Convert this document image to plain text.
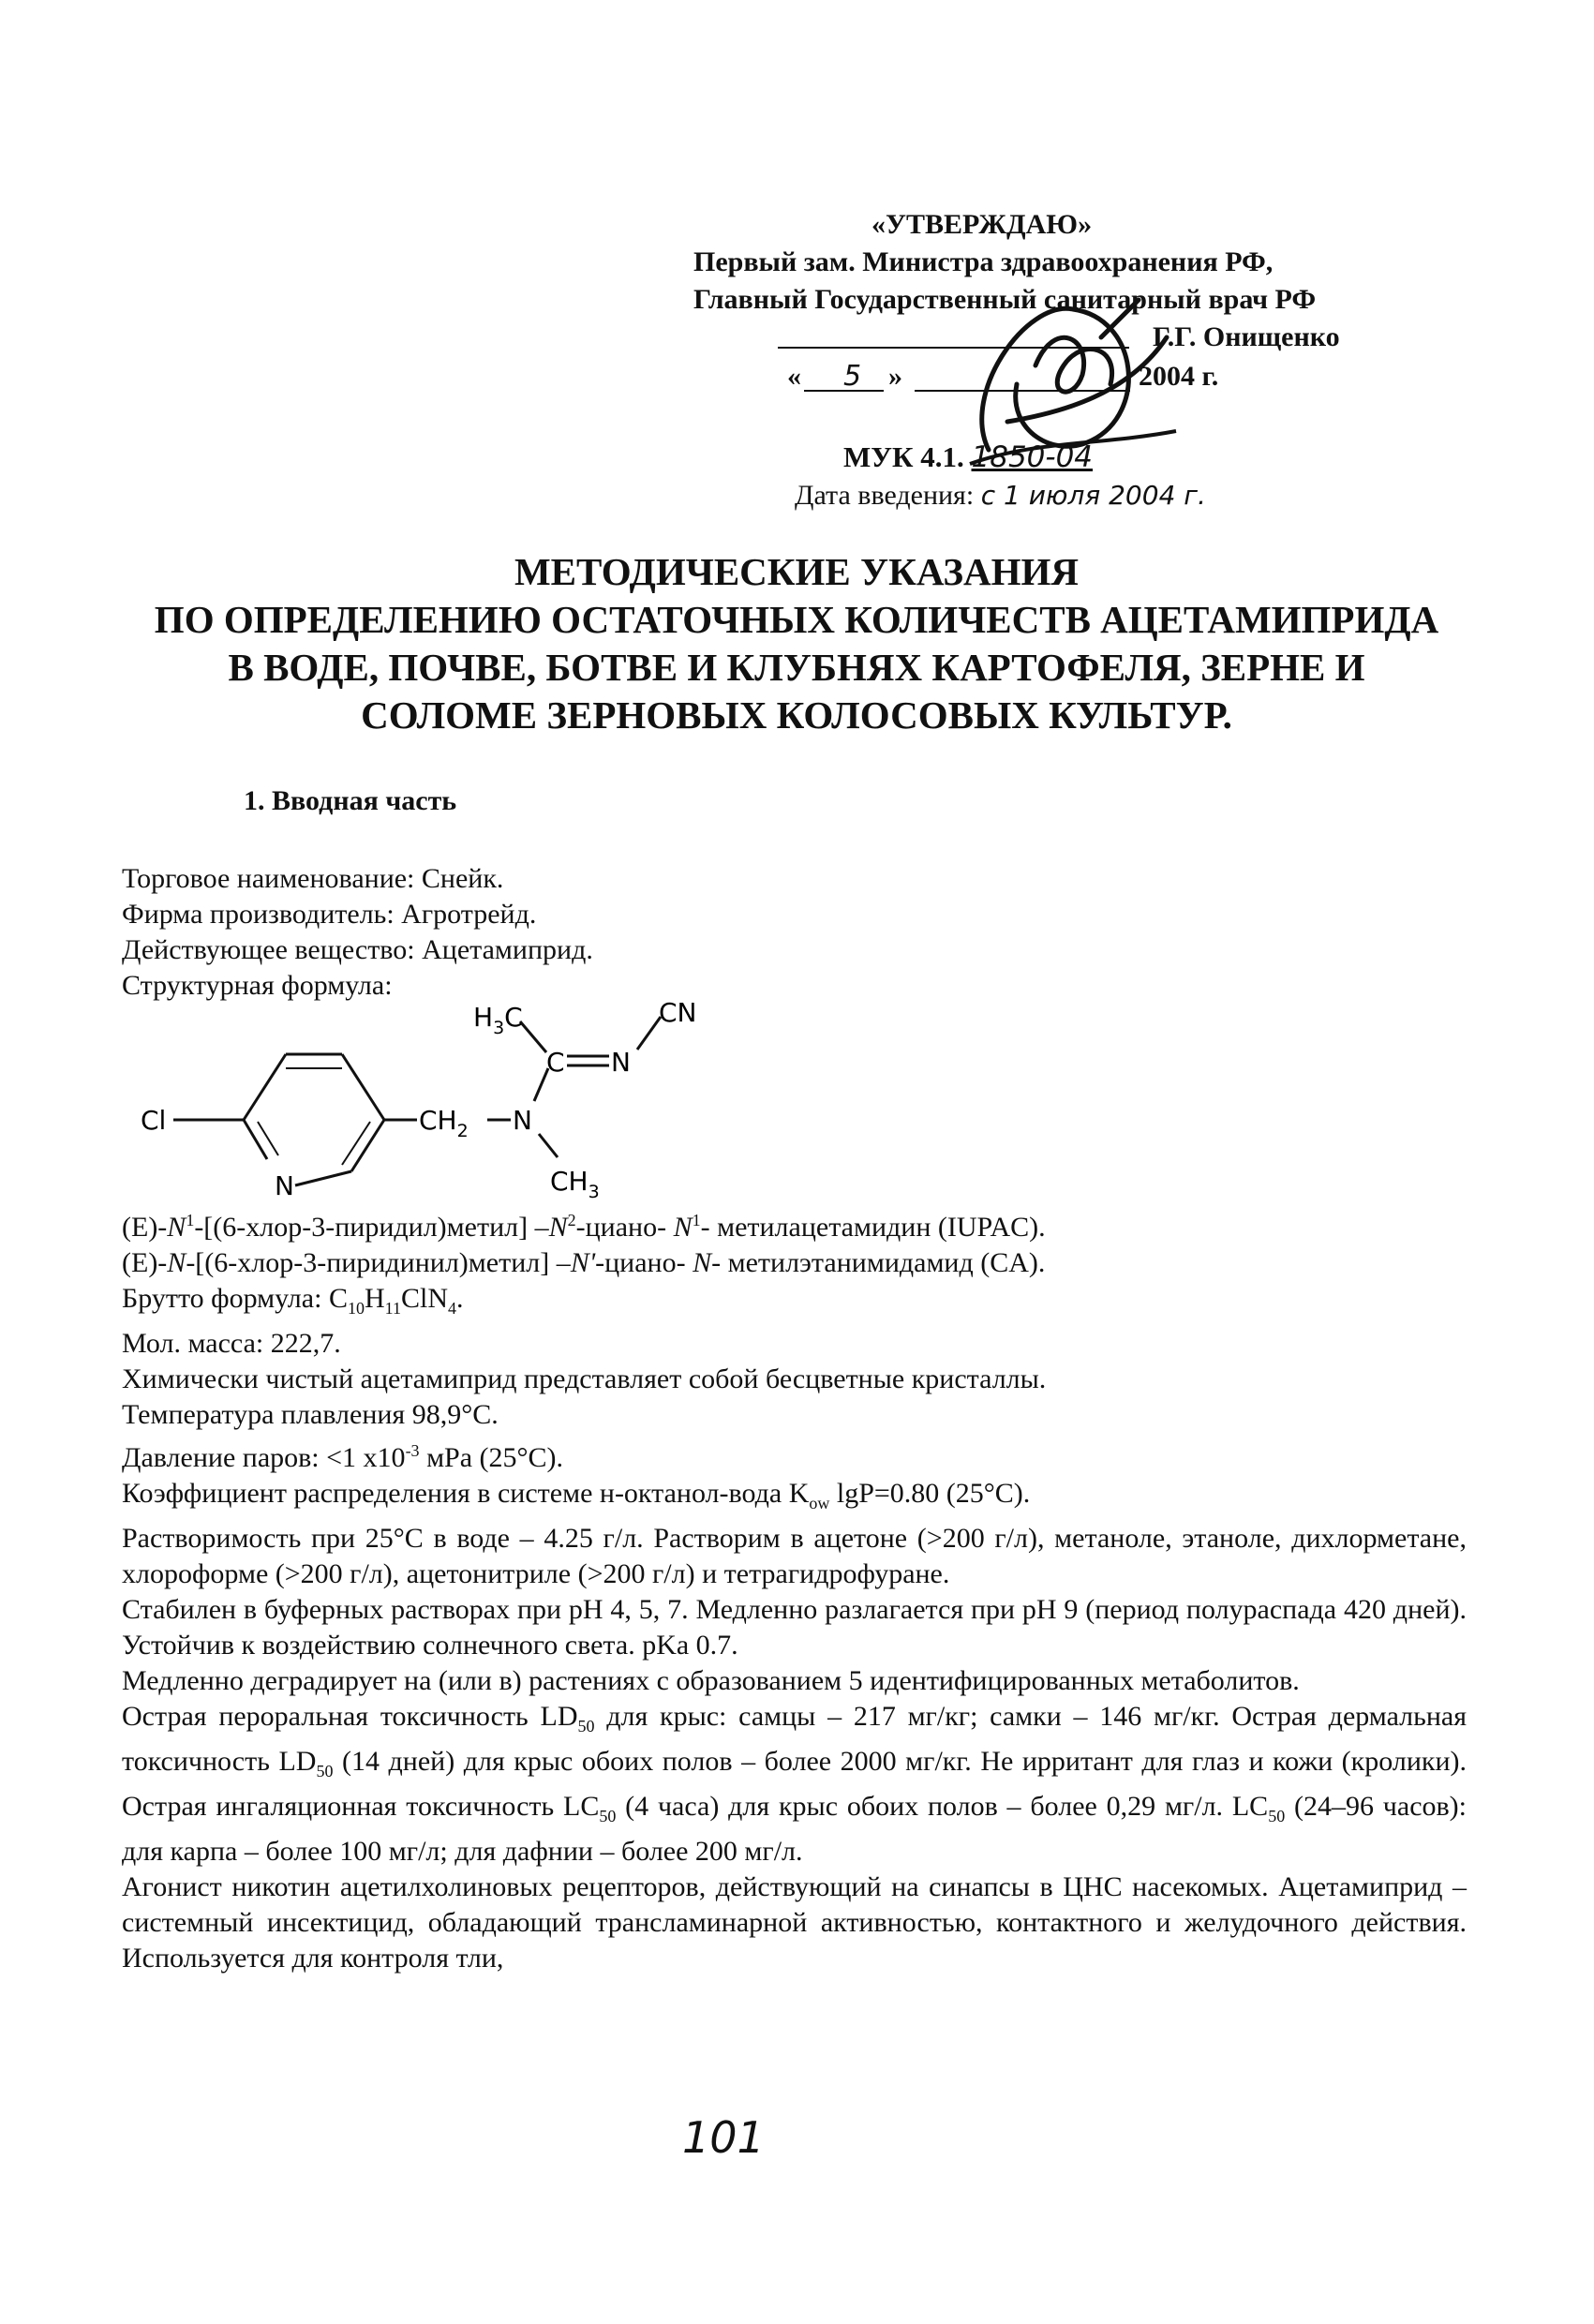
«УТВЕРЖДАЮ»
Первый зам. Министра здравоохранения РФ,
Главный Государственный санитарный врач РФ
Г.Г. Онищенко
« 5 »	2004 г.
МУК 4.1. 1850-04
Дата введения: с 1 июля 2004 г.
МЕТОДИЧЕСКИЕ УКАЗАНИЯ
ПО ОПРЕДЕЛЕНИЮ ОСТАТОЧНЫХ КОЛИЧЕСТВ АЦЕТАМИПРИДА
В ВОДЕ, ПОЧВЕ, БОТВЕ И КЛУБНЯХ КАРТОФЕЛЯ, ЗЕРНЕ И
СОЛОМЕ ЗЕРНОВЫХ КОЛОСОВЫХ КУЛЬТУР.
1. Вводная часть

Торговое наименование: Снейк.

Фирма производитель: Агротрейд.

Действующее вещество: Ацетамиприд.

Структурная формула:

Cl
N
$CH_2$ N
$H_3C$
C N
CN
$CH_3$

$(E)-N^1-[(6-хлор-3-пиридил)метил]$ $-N^2-циано-$ $N^1-$ метилацетамидин (IUPAC).

(E)-N-[(6-хлор-3-пиридинил)метил] –N'-циано- N- метилэтанимидамид (CA).

Брутто формула: $C_{10}H_{11}ClN_4$.

Мол. масса: 222,7.

Химически чистый ацетамиприд представляет собой бесцветные кристаллы.

Температура плавления 98,9°С.

Давление паров: <1 $х10^{-3}$ мPa (25°С).

Коэффициент распределения в системе н-октанол-вода $K_{ow}$ lgP=0.80 (25°С).

Растворимость при 25°С в воде – 4.25 г/л. Растворим в ацетоне (>200 г/л), метаноле, этаноле, дихлорметане, хлороформе (>200 г/л), ацетонитриле (>200 г/л) и тетрагидрофуране.

Стабилен в буферных растворах при pH 4, 5, 7. Медленно разлагается при pH 9 (период полураспада 420 дней). Устойчив к воздействию солнечного света. pKa 0.7.

Медленно деградирует на (или в) растениях с образованием 5 идентифицированных метаболитов.

Острая пероральная токсичность $LD_{50}$ для крыс: самцы – 217 мг/кг; самки – 146 мг/кг. Острая дермальная токсичность $LD_{50}$ (14 дней) для крыс обоих полов – более 2000 мг/кг. Не ирритант для глаз и кожи (кролики). Острая ингаляционная токсичность $LC_{50}$ (4 часа) для крыс обоих полов – более 0,29 мг/л. $LC_{50}$ (24–96 часов): для карпа – более 100 мг/л; для дафнии – более 200 мг/л.

Агонист никотин ацетилхолиновых рецепторов, действующий на синапсы в ЦНС насекомых. Ацетамиприд – системный инсектицид, обладающий трансламинарной активностью, контактного и желудочного действия. Используется для контроля тли,

101
